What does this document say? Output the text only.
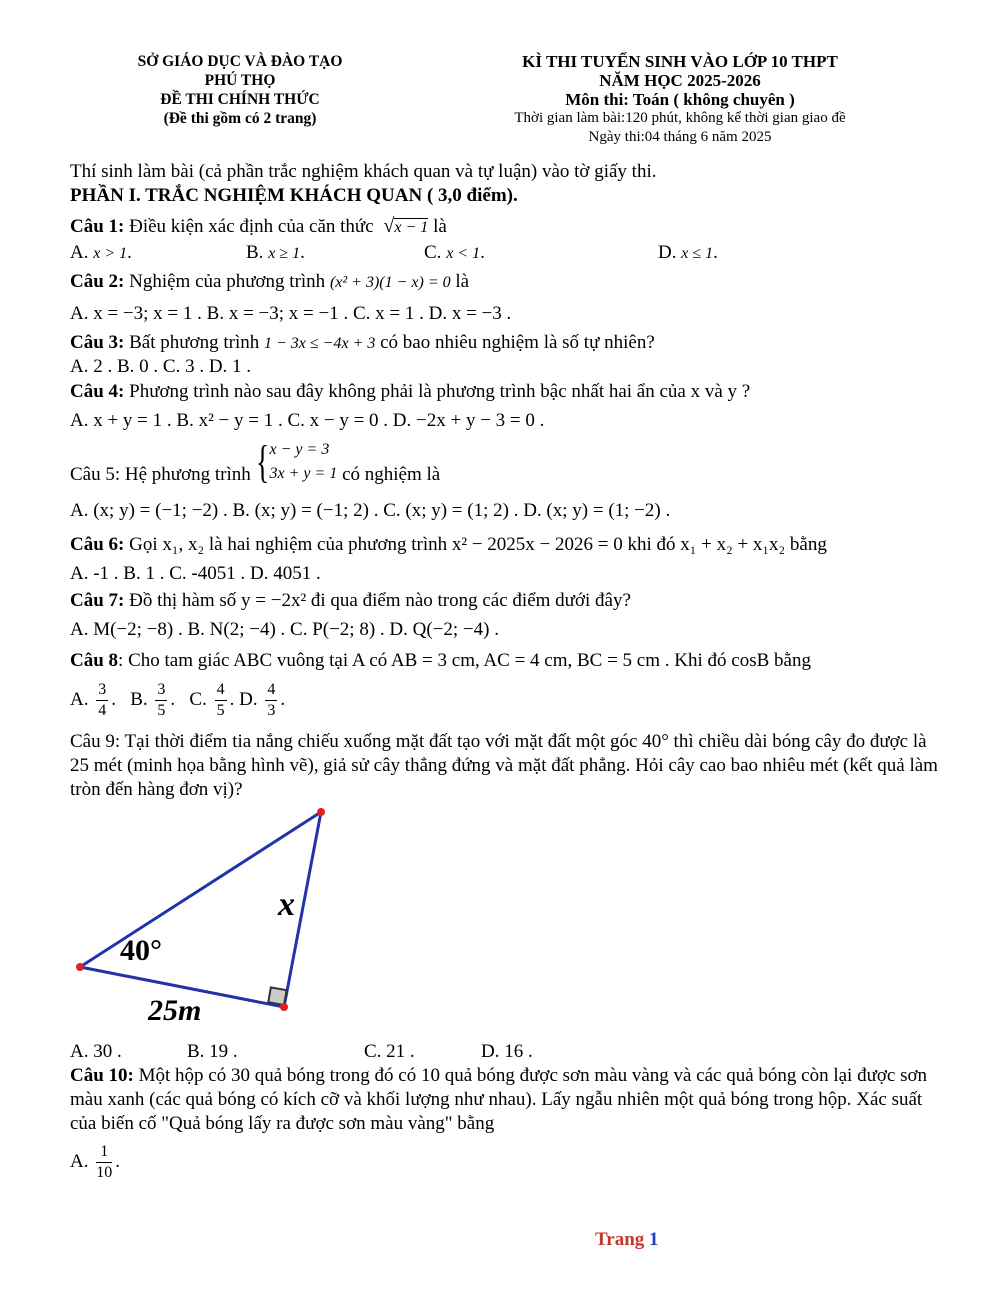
SỞ GIÁO DỤC VÀ ĐÀO TẠO
PHÚ THỌ
ĐỀ THI CHÍNH THỨC
(Đề thi gồm có 2 trang)
KÌ THI TUYỂN SINH VÀO LỚP 10 THPT
NĂM HỌC 2025-2026
Môn thi: Toán ( không chuyên )
Thời gian làm bài:120 phút, không kể thời gian giao đề
Ngày thi:04 tháng 6 năm 2025
Thí sinh làm bài (cả phần trắc nghiệm khách quan và tự luận) vào tờ giấy thi.
PHẦN I. TRẮC NGHIỆM KHÁCH QUAN ( 3,0 điểm).
Câu 1: Điều kiện xác định của căn thức  √x − 1 là
A. x > 1.	B. x ≥ 1.	C. x < 1.	D. x ≤ 1.
Câu 2: Nghiệm của phương trình (x² + 3)(1 − x) = 0 là
A. x = −3; x = 1 . B. x = −3; x = −1 . C. x = 1 . D. x = −3 .
Câu 3: Bất phương trình 1 − 3x ≤ −4x + 3 có bao nhiêu nghiệm là số tự nhiên?
A. 2 . B. 0 . C. 3 . D. 1 .
Câu 4: Phương trình nào sau đây không phải là phương trình bậc nhất hai ẩn của x và y ?
A. x + y = 1 . B. x² − y = 1 . C. x − y = 0 . D. −2x + y − 3 = 0 .
Câu 5: Hệ phương trình { x − y = 3
3x + y = 1 có nghiệm là
A. (x; y) = (−1; −2) . B. (x; y) = (−1; 2) . C. (x; y) = (1; 2) . D. (x; y) = (1; −2) .
Câu 6: Gọi x₁, x₂ là hai nghiệm của phương trình x² − 2025x − 2026 = 0 khi đó x₁ + x₂ + x₁x₂ bằng
A. -1 . B. 1 . C. -4051 . D. 4051 .
Câu 7: Đồ thị hàm số y = −2x² đi qua điểm nào trong các điểm dưới đây?
A. M(−2; −8) . B. N(2; −4) . C. P(−2; 8) . D. Q(−2; −4) .
Câu 8: Cho tam giác ABC vuông tại A có AB = 3 cm, AC = 4 cm, BC = 5 cm . Khi đó cosB bằng
A. $\frac{3}{4}$ .   B. $\frac{3}{5}$ .   C. $\frac{4}{5}$ . D. $\frac{4}{3}$ .
Câu 9: Tại thời điểm tia nắng chiếu xuống mặt đất tạo với mặt đất một góc 40° thì chiều dài bóng cây đo được là 25 mét (minh họa bằng hình vẽ), giả sử cây thẳng đứng và mặt đất phẳng. Hỏi cây cao bao nhiêu mét (kết quả làm tròn đến hàng đơn vị)?
x
40°
25m
A. 30 .	B. 19 .	C. 21 .	D. 16 .
Câu 10: Một hộp có 30 quả bóng trong đó có 10 quả bóng được sơn màu vàng và các quả bóng còn lại được sơn màu xanh (các quả bóng có kích cỡ và khối lượng như nhau). Lấy ngẫu nhiên một quả bóng trong hộp. Xác suất của biến cố "Quả bóng lấy ra được sơn màu vàng" bằng
A. $\frac{1}{10}$ .
Trang 1
